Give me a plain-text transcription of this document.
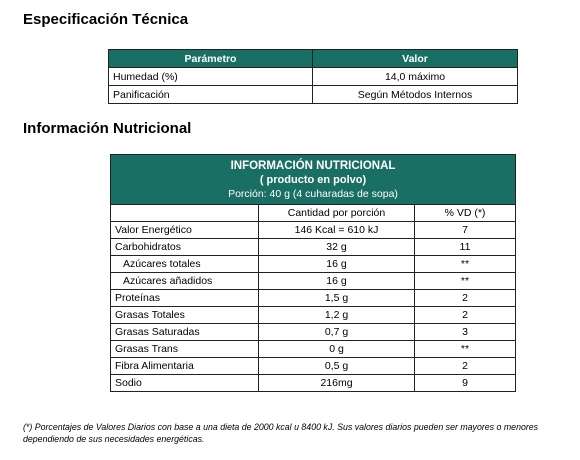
Especificación Técnica
Parámetro	Valor
Humedad (%)	14,0 máximo
Panificación	Según Métodos Internos
Información Nutricional
INFORMACIÓN NUTRICIONAL
( producto en polvo)
Porción: 40 g (4 cuharadas de sopa)		

	Cantidad por porción	% VD (*)
Valor Energético	146 Kcal = 610 kJ	7
Carbohidratos	32 g	11
Azúcares totales	16 g	**
Azúcares añadidos	16 g	**
Proteínas	1,5 g	2
Grasas Totales	1,2 g	2
Grasas Saturadas	0,7 g	3
Grasas Trans	0 g	**
Fibra Alimentaria	0,5 g	2
Sodio	216mg	9

(*) Porcentajes de Valores Diarios con base a una dieta de 2000 kcal u 8400 kJ. Sus valores diarios pueden ser mayores o menores dependiendo de sus necesidades energéticas.
